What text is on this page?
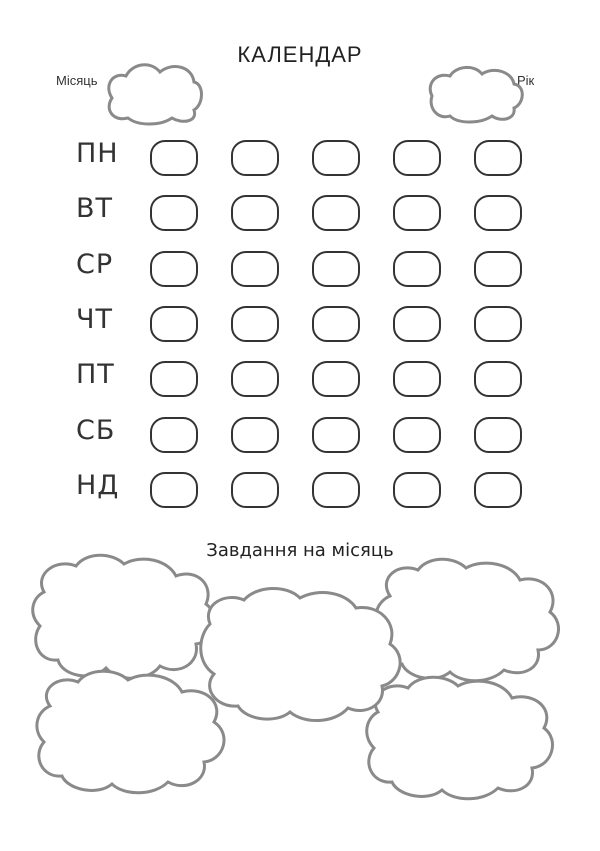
КАЛЕНДАР
Місяць	Рік
ПН
ВТ
СР
ЧТ
ПТ
СБ
НД
Завдання на місяць
